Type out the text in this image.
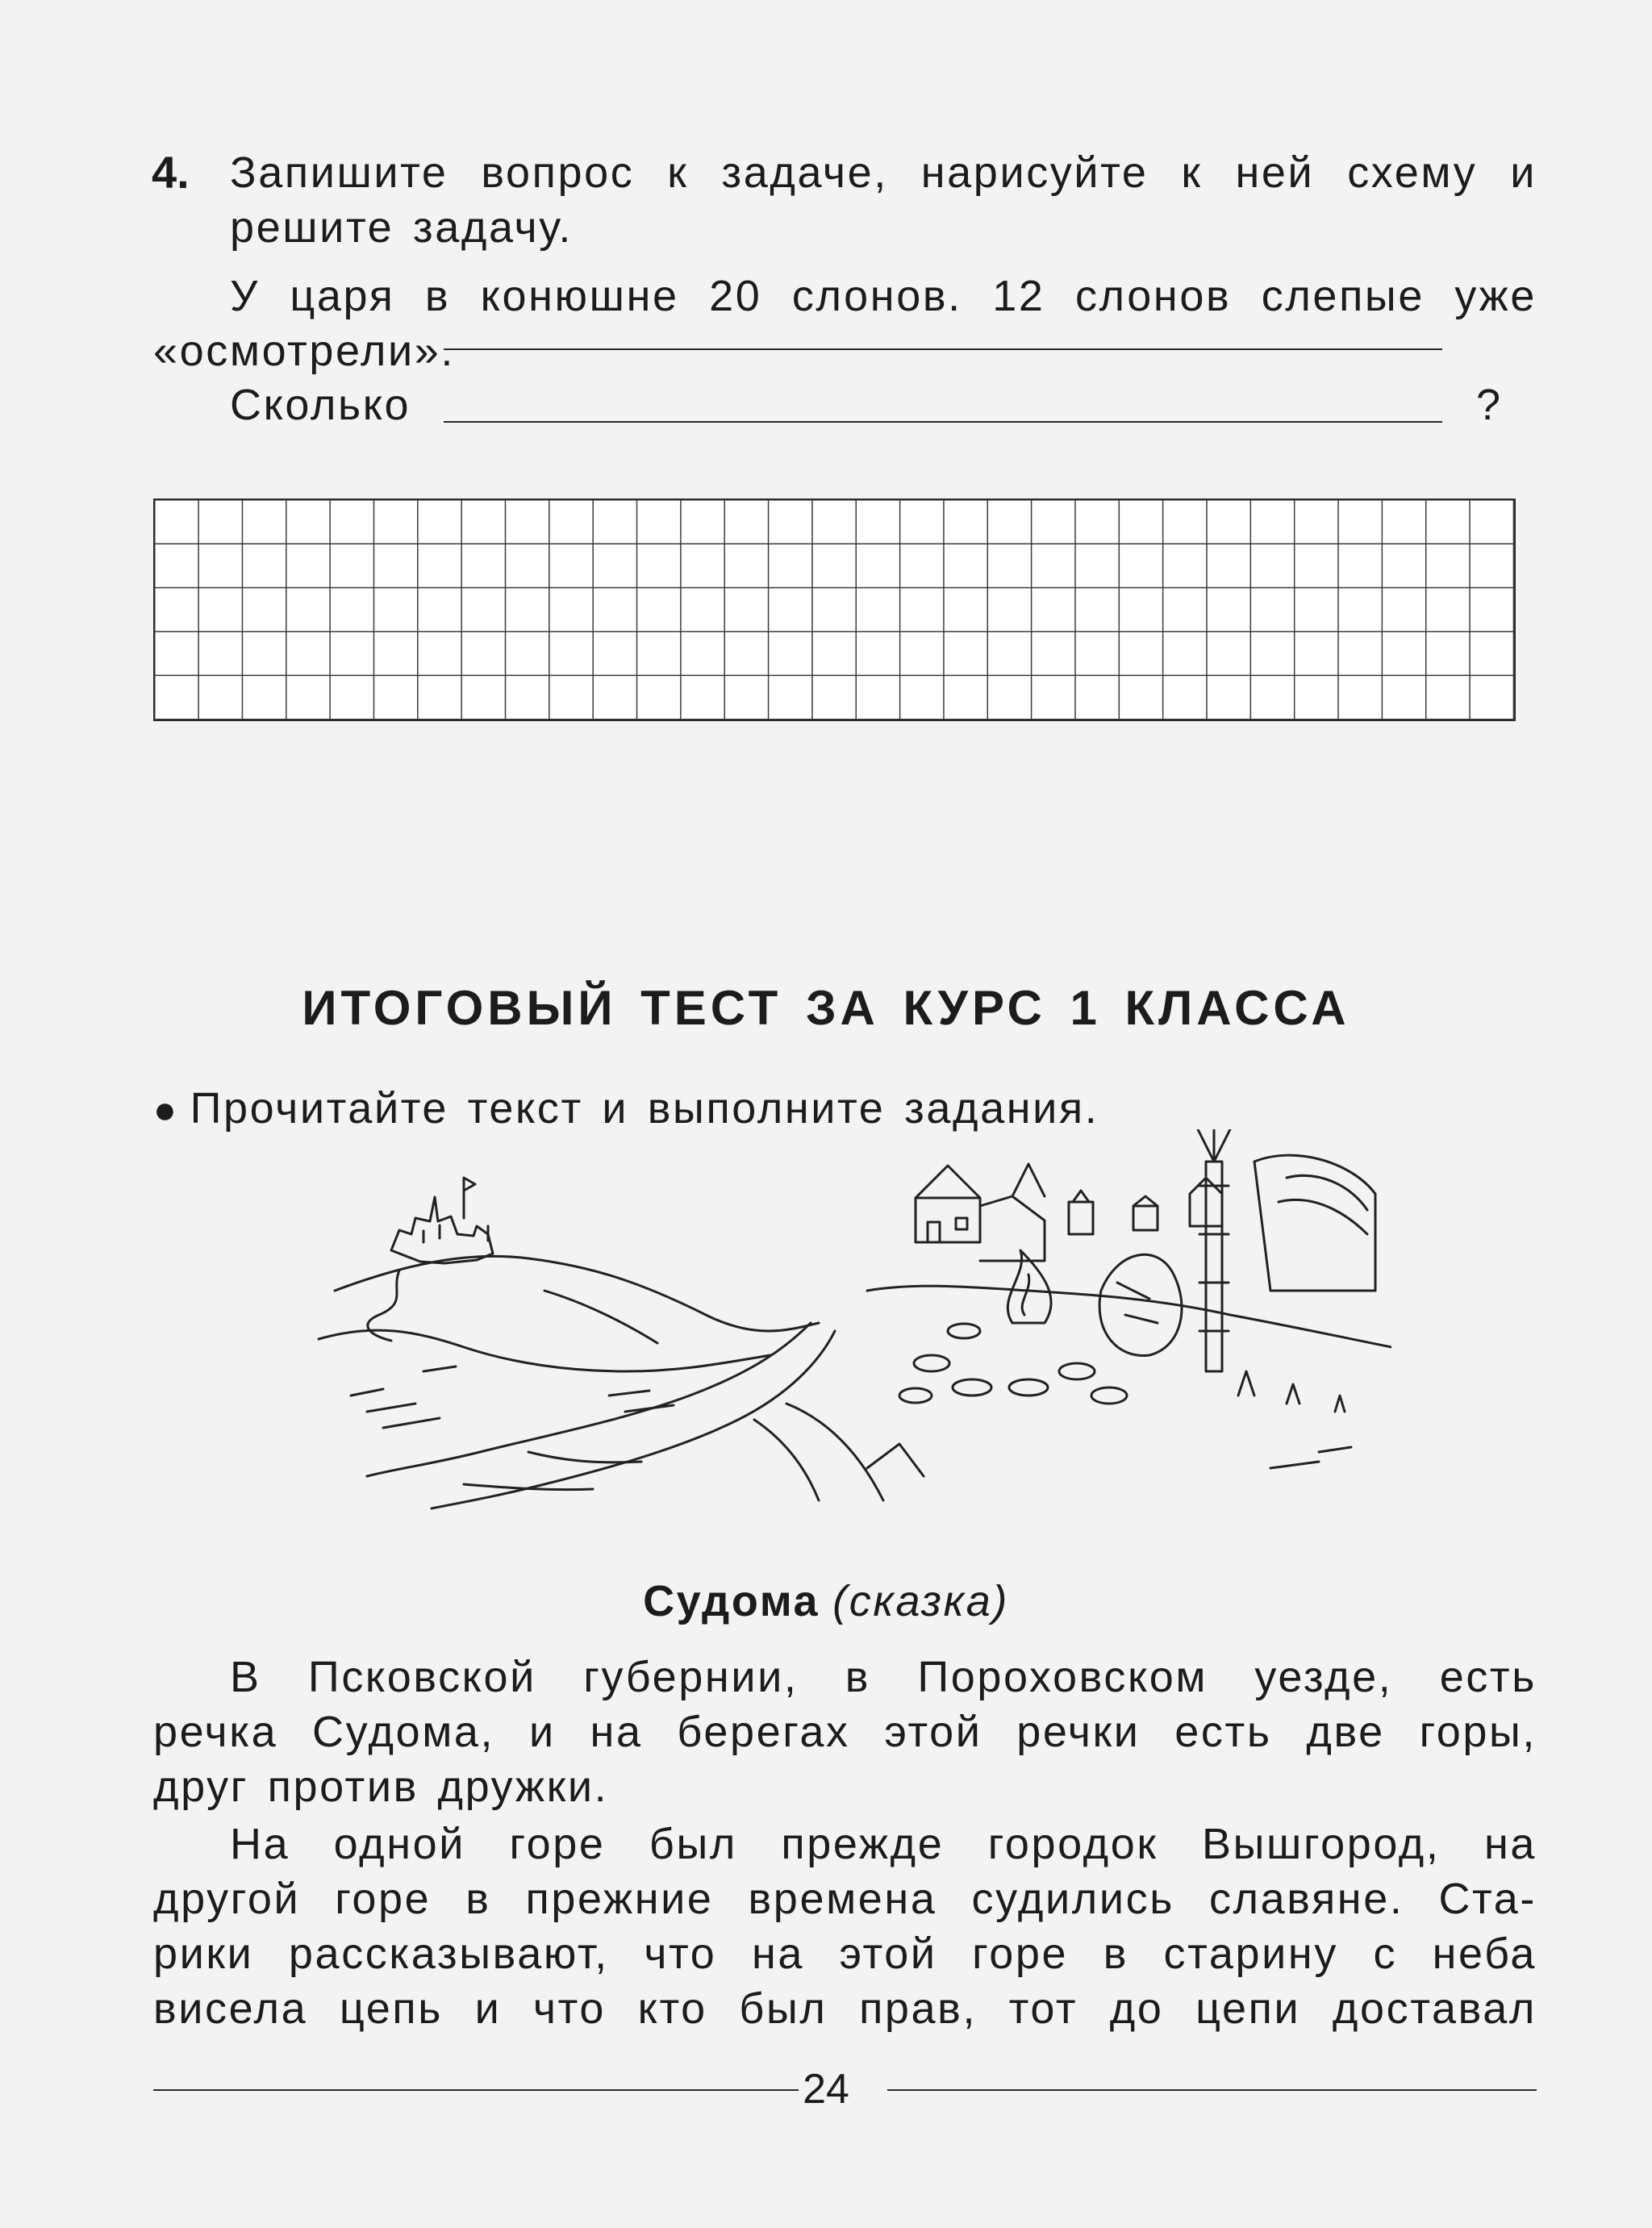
4. Запишите вопрос к задаче, нарисуйте к ней схему и
решите задачу.
У царя в конюшне 20 слонов. 12 слонов слепые уже
«осмотрели».
Сколько	?
ИТОГОВЫЙ ТЕСТ ЗА КУРС 1 КЛАССА
● Прочитайте текст и выполните задания.
Судома (сказка)
В Псковской губернии, в Пороховском уезде, есть
речка Судома, и на берегах этой речки есть две горы,
друг против дружки.
На одной горе был прежде городок Вышгород, на
другой горе в прежние времена судились славяне. Ста-
рики рассказывают, что на этой горе в старину с неба
висела цепь и что кто был прав, тот до цепи доставал
24
